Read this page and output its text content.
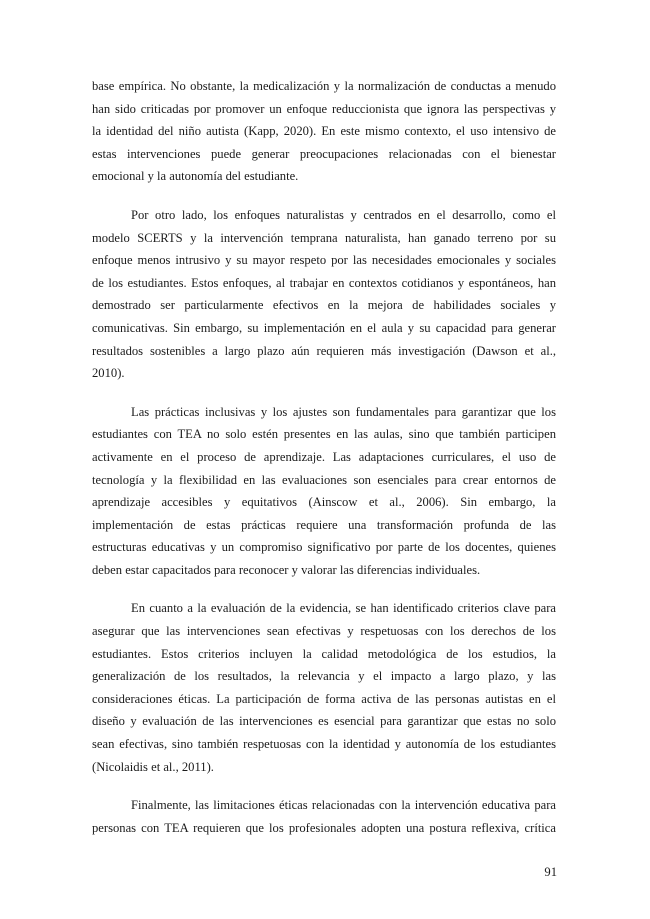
base empírica. No obstante, la medicalización y la normalización de conductas a menudo
han sido criticadas por promover un enfoque reduccionista que ignora las perspectivas y
la identidad del niño autista (Kapp, 2020). En este mismo contexto, el uso intensivo de
estas intervenciones puede generar preocupaciones relacionadas con el bienestar
emocional y la autonomía del estudiante.
Por otro lado, los enfoques naturalistas y centrados en el desarrollo, como el
modelo SCERTS y la intervención temprana naturalista, han ganado terreno por su
enfoque menos intrusivo y su mayor respeto por las necesidades emocionales y sociales
de los estudiantes. Estos enfoques, al trabajar en contextos cotidianos y espontáneos, han
demostrado ser particularmente efectivos en la mejora de habilidades sociales y
comunicativas. Sin embargo, su implementación en el aula y su capacidad para generar
resultados sostenibles a largo plazo aún requieren más investigación (Dawson et al.,
2010).
Las prácticas inclusivas y los ajustes son fundamentales para garantizar que los
estudiantes con TEA no solo estén presentes en las aulas, sino que también participen
activamente en el proceso de aprendizaje. Las adaptaciones curriculares, el uso de
tecnología y la flexibilidad en las evaluaciones son esenciales para crear entornos de
aprendizaje accesibles y equitativos (Ainscow et al., 2006). Sin embargo, la
implementación de estas prácticas requiere una transformación profunda de las
estructuras educativas y un compromiso significativo por parte de los docentes, quienes
deben estar capacitados para reconocer y valorar las diferencias individuales.
En cuanto a la evaluación de la evidencia, se han identificado criterios clave para
asegurar que las intervenciones sean efectivas y respetuosas con los derechos de los
estudiantes. Estos criterios incluyen la calidad metodológica de los estudios, la
generalización de los resultados, la relevancia y el impacto a largo plazo, y las
consideraciones éticas. La participación de forma activa de las personas autistas en el
diseño y evaluación de las intervenciones es esencial para garantizar que estas no solo
sean efectivas, sino también respetuosas con la identidad y autonomía de los estudiantes
(Nicolaidis et al., 2011).
Finalmente, las limitaciones éticas relacionadas con la intervención educativa para
personas con TEA requieren que los profesionales adopten una postura reflexiva, crítica
91
